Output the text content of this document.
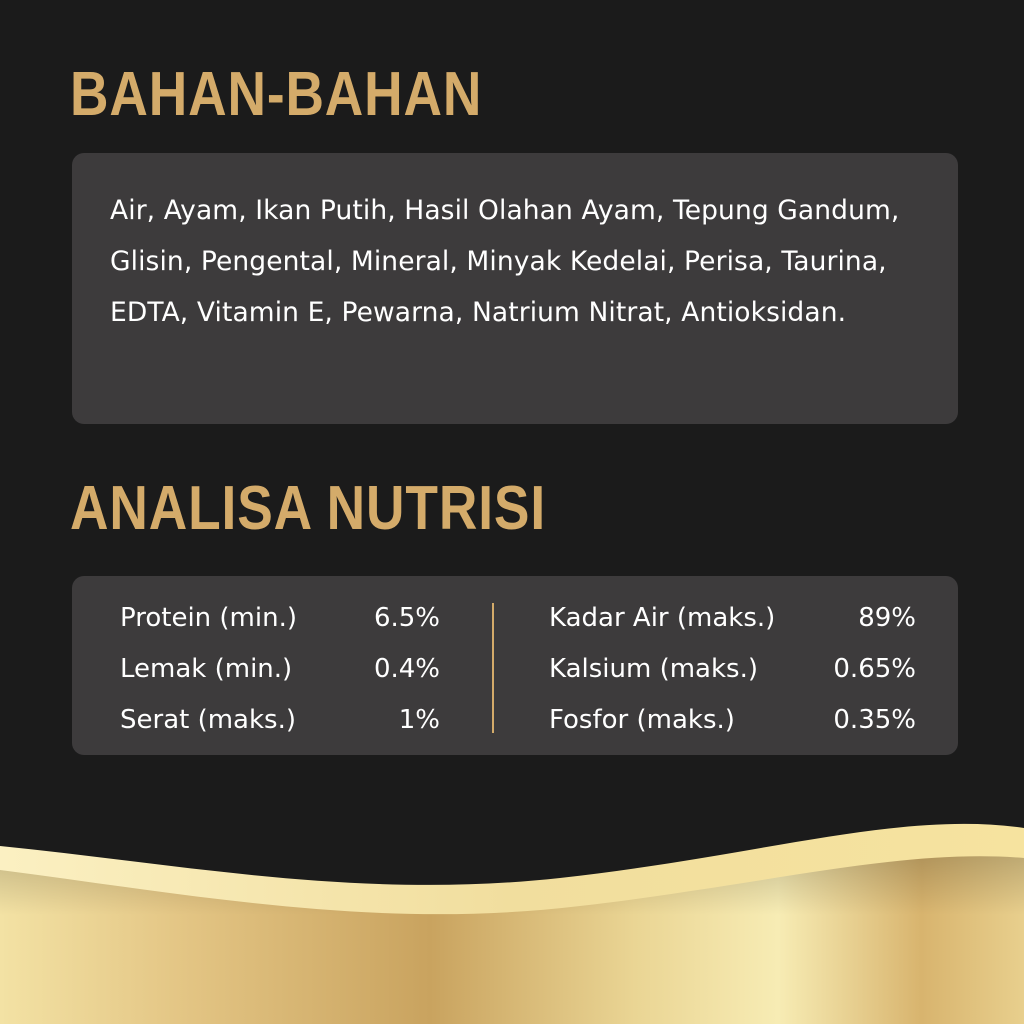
BAHAN-BAHAN

Air, Ayam, Ikan Putih, Hasil Olahan Ayam, Tepung Gandum, Glisin, Pengental, Mineral, Minyak Kedelai, Perisa, Taurina, EDTA, Vitamin E, Pewarna, Natrium Nitrat, Antioksidan.

ANALISA NUTRISI
Protein (min.)	6.5%
Lemak (min.)	0.4%
Serat (maks.)	1%
Kadar Air (maks.)	89%
Kalsium (maks.)	0.65%
Fosfor (maks.)	0.35%
